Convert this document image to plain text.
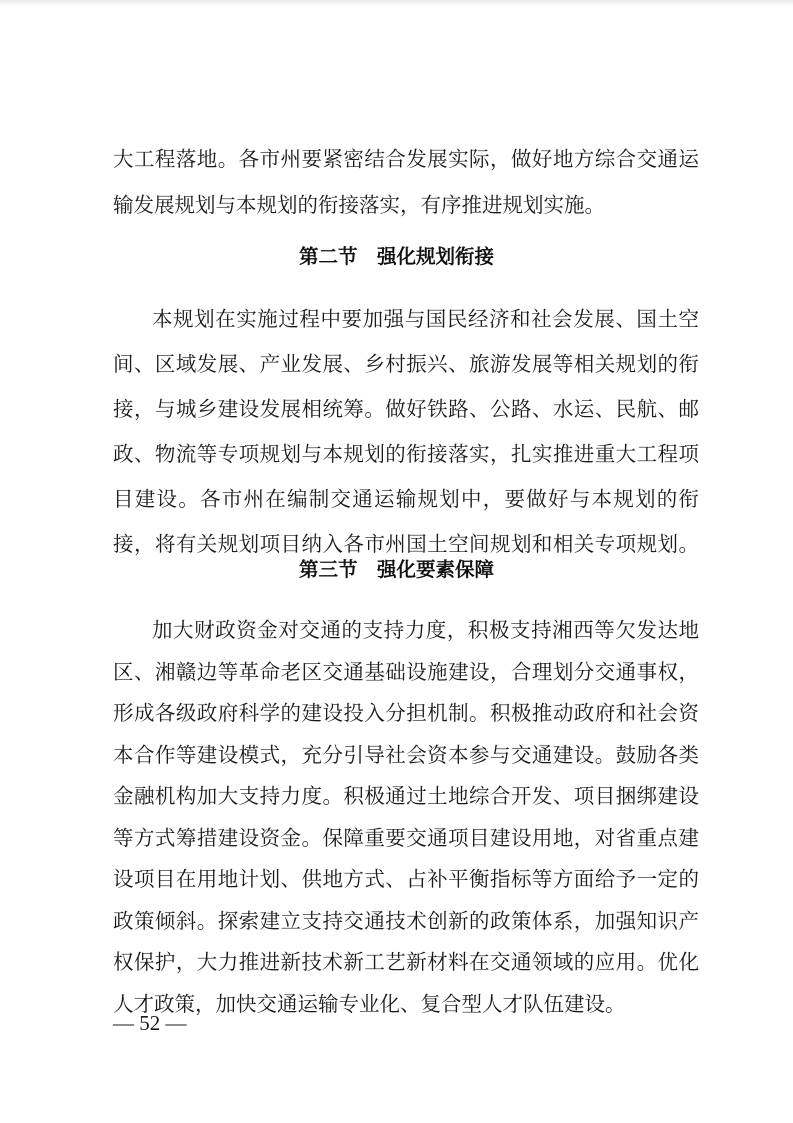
大工程落地。各市州要紧密结合发展实际，做好地方综合交通运
输发展规划与本规划的衔接落实，有序推进规划实施。
第二节　强化规划衔接
本规划在实施过程中要加强与国民经济和社会发展、国土空
间、区域发展、产业发展、乡村振兴、旅游发展等相关规划的衔
接，与城乡建设发展相统筹。做好铁路、公路、水运、民航、邮
政、物流等专项规划与本规划的衔接落实，扎实推进重大工程项
目建设。各市州在编制交通运输规划中，要做好与本规划的衔
接，将有关规划项目纳入各市州国土空间规划和相关专项规划。
第三节　强化要素保障
加大财政资金对交通的支持力度，积极支持湘西等欠发达地
区、湘赣边等革命老区交通基础设施建设，合理划分交通事权，
形成各级政府科学的建设投入分担机制。积极推动政府和社会资
本合作等建设模式，充分引导社会资本参与交通建设。鼓励各类
金融机构加大支持力度。积极通过土地综合开发、项目捆绑建设
等方式筹措建设资金。保障重要交通项目建设用地，对省重点建
设项目在用地计划、供地方式、占补平衡指标等方面给予一定的
政策倾斜。探索建立支持交通技术创新的政策体系，加强知识产
权保护，大力推进新技术新工艺新材料在交通领域的应用。优化
人才政策，加快交通运输专业化、复合型人才队伍建设。
— 52 —
